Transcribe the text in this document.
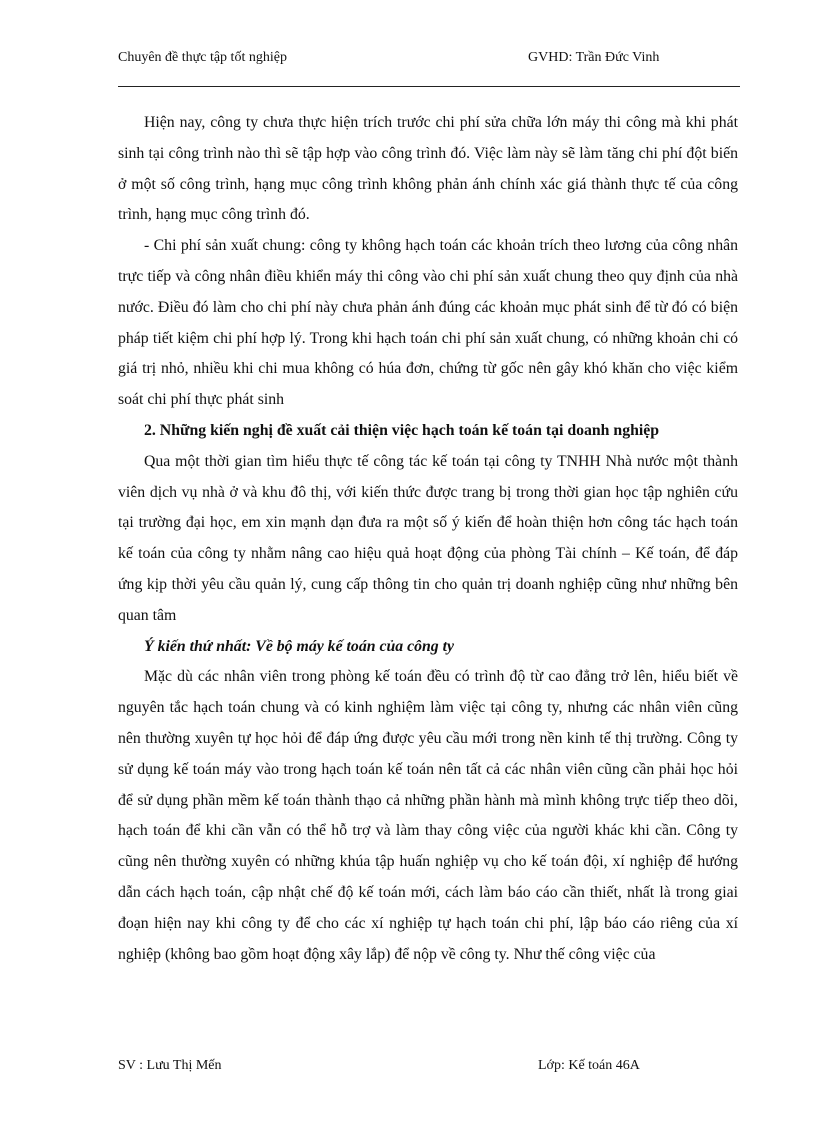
Chuyên đề thực tập tốt nghiệp	GVHD: Trần Đức Vinh

Hiện nay, công ty chưa thực hiện trích trước chi phí sửa chữa lớn máy thi công mà khi phát sinh tại công trình nào thì sẽ tập hợp vào công trình đó. Việc làm này sẽ làm tăng chi phí đột biến ở một số công trình, hạng mục công trình không phản ánh chính xác giá thành thực tế của công trình, hạng mục công trình đó.

- Chi phí sản xuất chung: công ty không hạch toán các khoản trích theo lương của công nhân trực tiếp và công nhân điều khiển máy thi công vào chi phí sản xuất chung theo quy định của nhà nước. Điều đó làm cho chi phí này chưa phản ánh đúng các khoản mục phát sinh để từ đó có biện pháp tiết kiệm chi phí hợp lý. Trong khi hạch toán chi phí sản xuất chung, có những khoản chi có giá trị nhỏ, nhiều khi chi mua không có húa đơn, chứng từ gốc nên gây khó khăn cho việc kiểm soát chi phí thực phát sinh

2. Những kiến nghị đề xuất cải thiện việc hạch toán kế toán tại doanh nghiệp

Qua một thời gian tìm hiểu thực tế công tác kế toán tại công ty TNHH Nhà nước một thành viên dịch vụ nhà ở và khu đô thị, với kiến thức được trang bị trong thời gian học tập nghiên cứu tại trường đại học, em xin mạnh dạn đưa ra một số ý kiến để hoàn thiện hơn công tác hạch toán kế toán của công ty nhằm nâng cao hiệu quả hoạt động của phòng Tài chính – Kế toán, để đáp ứng kịp thời yêu cầu quản lý, cung cấp thông tin cho quản trị doanh nghiệp cũng như những bên quan tâm

Ý kiến thứ nhất: Về bộ máy kế toán của công ty

Mặc dù các nhân viên trong phòng kế toán đều có trình độ từ cao đẳng trở lên, hiểu biết về nguyên tắc hạch toán chung và có kinh nghiệm làm việc tại công ty, nhưng các nhân viên cũng nên thường xuyên tự học hỏi để đáp ứng được yêu cầu mới trong nền kinh tế thị trường. Công ty sử dụng kế toán máy vào trong hạch toán kế toán nên tất cả các nhân viên cũng cần phải học hỏi để sử dụng phần mềm kế toán thành thạo cả những phần hành mà mình không trực tiếp theo dõi, hạch toán để khi cần vẫn có thể hỗ trợ và làm thay công việc của người khác khi cần. Công ty cũng nên thường xuyên có những khúa tập huấn nghiệp vụ cho kế toán đội, xí nghiệp để hướng dẫn cách hạch toán, cập nhật chế độ kế toán mới, cách làm báo cáo cần thiết, nhất là trong giai đoạn hiện nay khi công ty để cho các xí nghiệp tự hạch toán chi phí, lập báo cáo riêng của xí nghiệp (không bao gồm hoạt động xây lắp) để nộp về công ty. Như thế công việc của

SV : Lưu Thị Mến	Lớp: Kế toán 46A
